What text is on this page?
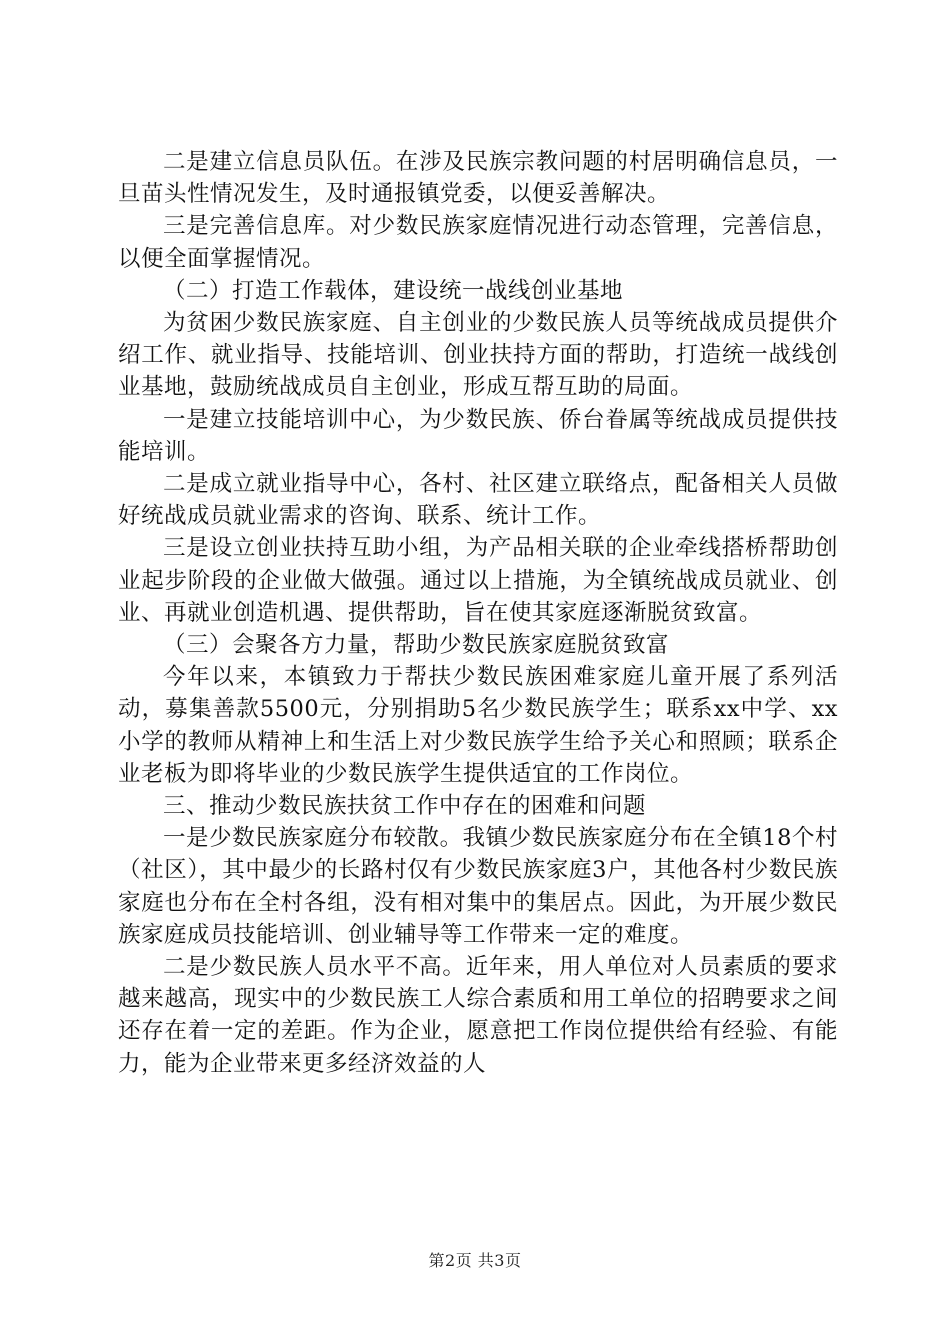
二是建立信息员队伍。在涉及民族宗教问题的村居明确信息员，一旦苗头性情况发生，及时通报镇党委，以便妥善解决。

三是完善信息库。对少数民族家庭情况进行动态管理，完善信息，以便全面掌握情况。

（二）打造工作载体，建设统一战线创业基地

为贫困少数民族家庭、自主创业的少数民族人员等统战成员提供介绍工作、就业指导、技能培训、创业扶持方面的帮助，打造统一战线创业基地，鼓励统战成员自主创业，形成互帮互助的局面。

一是建立技能培训中心，为少数民族、侨台眷属等统战成员提供技能培训。

二是成立就业指导中心，各村、社区建立联络点，配备相关人员做好统战成员就业需求的咨询、联系、统计工作。

三是设立创业扶持互助小组，为产品相关联的企业牵线搭桥帮助创业起步阶段的企业做大做强。通过以上措施，为全镇统战成员就业、创业、再就业创造机遇、提供帮助，旨在使其家庭逐渐脱贫致富。

（三）会聚各方力量，帮助少数民族家庭脱贫致富

今年以来，本镇致力于帮扶少数民族困难家庭儿童开展了系列活动，募集善款5500元，分别捐助5名少数民族学生；联系xx中学、xx小学的教师从精神上和生活上对少数民族学生给予关心和照顾；联系企业老板为即将毕业的少数民族学生提供适宜的工作岗位。

三、推动少数民族扶贫工作中存在的困难和问题

一是少数民族家庭分布较散。我镇少数民族家庭分布在全镇18个村（社区），其中最少的长路村仅有少数民族家庭3户，其他各村少数民族家庭也分布在全村各组，没有相对集中的集居点。因此，为开展少数民族家庭成员技能培训、创业辅导等工作带来一定的难度。

二是少数民族人员水平不高。近年来，用人单位对人员素质的要求越来越高，现实中的少数民族工人综合素质和用工单位的招聘要求之间还存在着一定的差距。作为企业，愿意把工作岗位提供给有经验、有能力，能为企业带来更多经济效益的人

第2页 共3页
